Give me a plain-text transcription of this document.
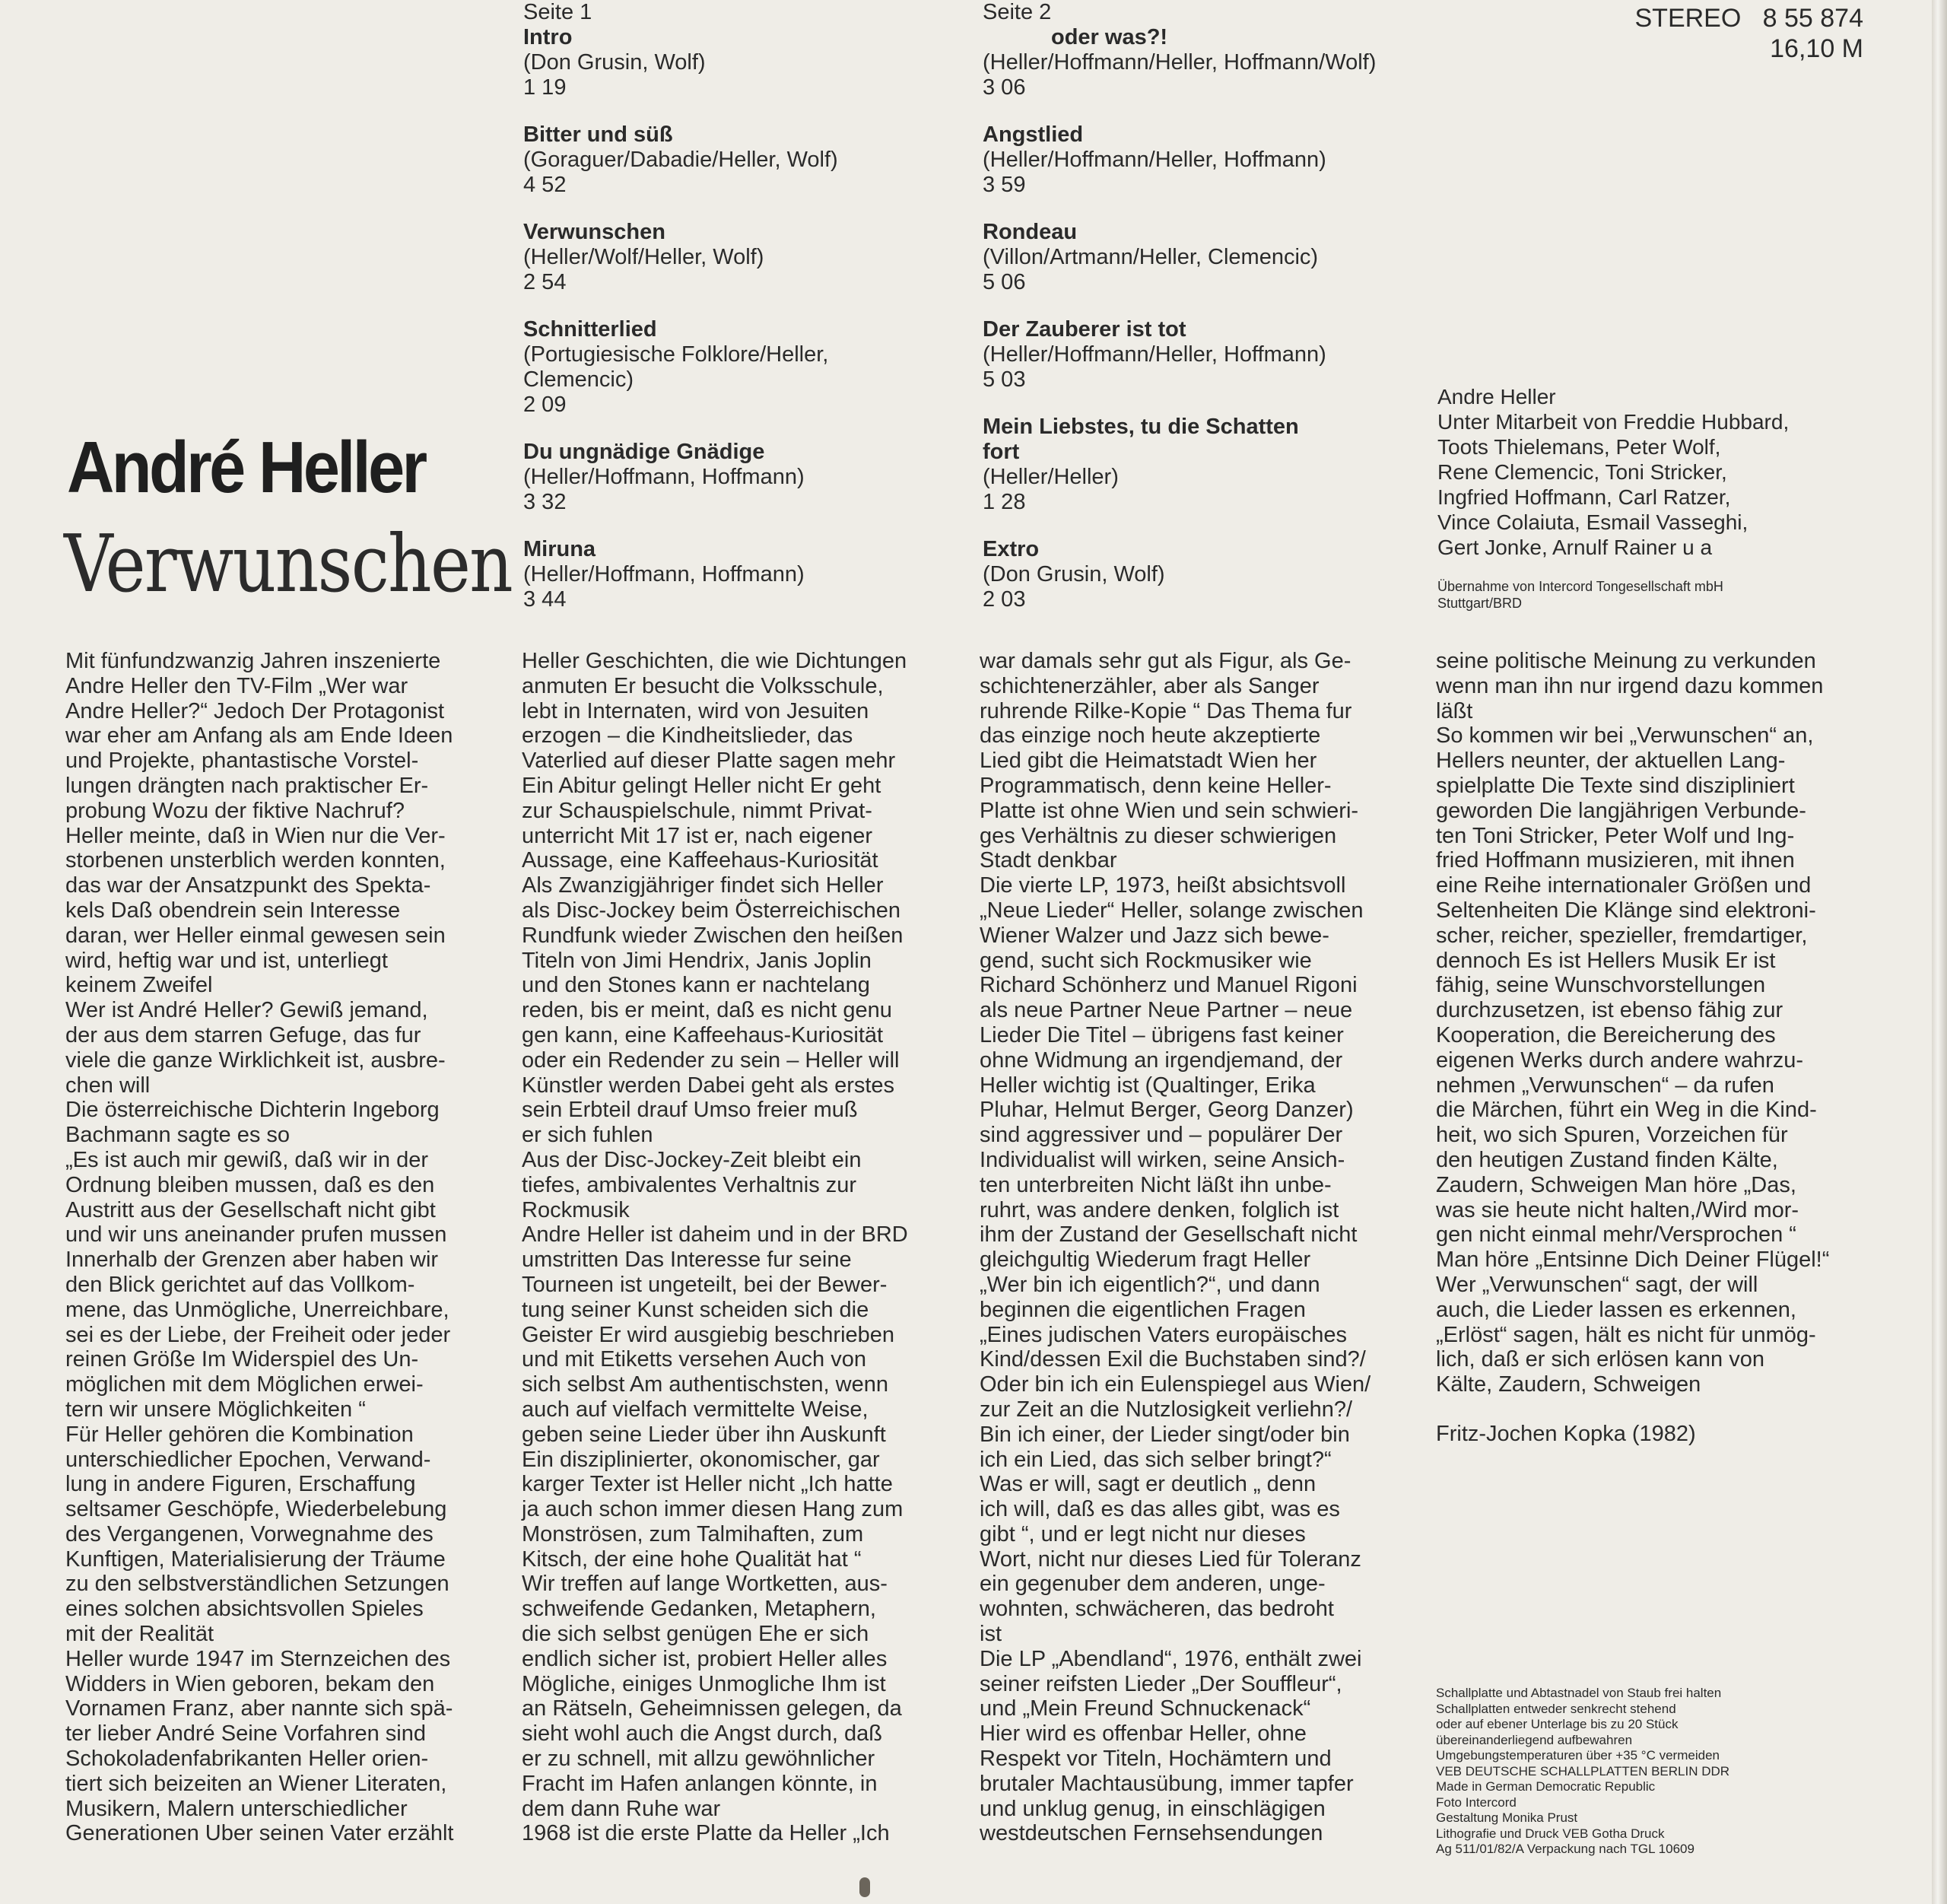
STEREO   8 55 874
16,10 M
Seite 1
Intro
(Don Grusin, Wolf)
1 19
Bitter und süß
(Goraguer/Dabadie/Heller, Wolf)
4 52
Verwunschen
(Heller/Wolf/Heller, Wolf)
2 54
Schnitterlied
(Portugiesische Folklore/Heller,
Clemencic)
2 09
Du ungnädige Gnädige
(Heller/Hoffmann, Hoffmann)
3 32
Miruna
(Heller/Hoffmann, Hoffmann)
3 44
Seite 2
oder was?!
(Heller/Hoffmann/Heller, Hoffmann/Wolf)
3 06
Angstlied
(Heller/Hoffmann/Heller, Hoffmann)
3 59
Rondeau
(Villon/Artmann/Heller, Clemencic)
5 06
Der Zauberer ist tot
(Heller/Hoffmann/Heller, Hoffmann)
5 03
Mein Liebstes, tu die Schatten
fort
(Heller/Heller)
1 28
Extro
(Don Grusin, Wolf)
2 03
André Heller
Verwunschen
Andre Heller
Unter Mitarbeit von Freddie Hubbard,
Toots Thielemans, Peter Wolf,
Rene Clemencic, Toni Stricker,
Ingfried Hoffmann, Carl Ratzer,
Vince Colaiuta, Esmail Vasseghi,
Gert Jonke, Arnulf Rainer u a
Übernahme von Intercord Tongesellschaft mbH
Stuttgart/BRD

Mit fünfundzwanzig Jahren inszenierte
Andre Heller den TV-Film „Wer war
Andre Heller?“ Jedoch Der Protagonist
war eher am Anfang als am Ende Ideen
und Projekte, phantastische Vorstel-
lungen drängten nach praktischer Er-
probung Wozu der fiktive Nachruf?
Heller meinte, daß in Wien nur die Ver-
storbenen unsterblich werden konnten,
das war der Ansatzpunkt des Spekta-
kels Daß obendrein sein Interesse
daran, wer Heller einmal gewesen sein
wird, heftig war und ist, unterliegt
keinem Zweifel
Wer ist André Heller? Gewiß jemand,
der aus dem starren Gefuge, das fur
viele die ganze Wirklichkeit ist, ausbre-
chen will
Die österreichische Dichterin Ingeborg
Bachmann sagte es so
„Es ist auch mir gewiß, daß wir in der
Ordnung bleiben mussen, daß es den
Austritt aus der Gesellschaft nicht gibt
und wir uns aneinander prufen mussen
Innerhalb der Grenzen aber haben wir
den Blick gerichtet auf das Vollkom-
mene, das Unmögliche, Unerreichbare,
sei es der Liebe, der Freiheit oder jeder
reinen Größe Im Widerspiel des Un-
möglichen mit dem Möglichen erwei-
tern wir unsere Möglichkeiten “
Für Heller gehören die Kombination
unterschiedlicher Epochen, Verwand-
lung in andere Figuren, Erschaffung
seltsamer Geschöpfe, Wiederbelebung
des Vergangenen, Vorwegnahme des
Kunftigen, Materialisierung der Träume
zu den selbstverständlichen Setzungen
eines solchen absichtsvollen Spieles
mit der Realität
Heller wurde 1947 im Sternzeichen des
Widders in Wien geboren, bekam den
Vornamen Franz, aber nannte sich spä-
ter lieber André Seine Vorfahren sind
Schokoladenfabrikanten Heller orien-
tiert sich beizeiten an Wiener Literaten,
Musikern, Malern unterschiedlicher
Generationen Uber seinen Vater erzählt

Heller Geschichten, die wie Dichtungen
anmuten Er besucht die Volksschule,
lebt in Internaten, wird von Jesuiten
erzogen – die Kindheitslieder, das
Vaterlied auf dieser Platte sagen mehr
Ein Abitur gelingt Heller nicht Er geht
zur Schauspielschule, nimmt Privat-
unterricht Mit 17 ist er, nach eigener
Aussage, eine Kaffeehaus-Kuriosität
Als Zwanzigjähriger findet sich Heller
als Disc-Jockey beim Österreichischen
Rundfunk wieder Zwischen den heißen
Titeln von Jimi Hendrix, Janis Joplin
und den Stones kann er nachtelang
reden, bis er meint, daß es nicht genu
gen kann, eine Kaffeehaus-Kuriosität
oder ein Redender zu sein – Heller will
Künstler werden Dabei geht als erstes
sein Erbteil drauf Umso freier muß
er sich fuhlen
Aus der Disc-Jockey-Zeit bleibt ein
tiefes, ambivalentes Verhaltnis zur
Rockmusik
Andre Heller ist daheim und in der BRD
umstritten Das Interesse fur seine
Tourneen ist ungeteilt, bei der Bewer-
tung seiner Kunst scheiden sich die
Geister Er wird ausgiebig beschrieben
und mit Etiketts versehen Auch von
sich selbst Am authentischsten, wenn
auch auf vielfach vermittelte Weise,
geben seine Lieder über ihn Auskunft
Ein disziplinierter, okonomischer, gar
karger Texter ist Heller nicht „Ich hatte
ja auch schon immer diesen Hang zum
Monströsen, zum Talmihaften, zum
Kitsch, der eine hohe Qualität hat “
Wir treffen auf lange Wortketten, aus-
schweifende Gedanken, Metaphern,
die sich selbst genügen Ehe er sich
endlich sicher ist, probiert Heller alles
Mögliche, einiges Unmogliche Ihm ist
an Rätseln, Geheimnissen gelegen, da
sieht wohl auch die Angst durch, daß
er zu schnell, mit allzu gewöhnlicher
Fracht im Hafen anlangen könnte, in
dem dann Ruhe war
1968 ist die erste Platte da Heller „Ich

war damals sehr gut als Figur, als Ge-
schichtenerzähler, aber als Sanger
ruhrende Rilke-Kopie “ Das Thema fur
das einzige noch heute akzeptierte
Lied gibt die Heimatstadt Wien her
Programmatisch, denn keine Heller-
Platte ist ohne Wien und sein schwieri-
ges Verhältnis zu dieser schwierigen
Stadt denkbar
Die vierte LP, 1973, heißt absichtsvoll
„Neue Lieder“ Heller, solange zwischen
Wiener Walzer und Jazz sich bewe-
gend, sucht sich Rockmusiker wie
Richard Schönherz und Manuel Rigoni
als neue Partner Neue Partner – neue
Lieder Die Titel – übrigens fast keiner
ohne Widmung an irgendjemand, der
Heller wichtig ist (Qualtinger, Erika
Pluhar, Helmut Berger, Georg Danzer)
sind aggressiver und – populärer Der
Individualist will wirken, seine Ansich-
ten unterbreiten Nicht läßt ihn unbe-
ruhrt, was andere denken, folglich ist
ihm der Zustand der Gesellschaft nicht
gleichgultig Wiederum fragt Heller
„Wer bin ich eigentlich?“, und dann
beginnen die eigentlichen Fragen
„Eines judischen Vaters europäisches
Kind/dessen Exil die Buchstaben sind?/
Oder bin ich ein Eulenspiegel aus Wien/
zur Zeit an die Nutzlosigkeit verliehn?/
Bin ich einer, der Lieder singt/oder bin
ich ein Lied, das sich selber bringt?“
Was er will, sagt er deutlich „ denn
ich will, daß es das alles gibt, was es
gibt “, und er legt nicht nur dieses
Wort, nicht nur dieses Lied für Toleranz
ein gegenuber dem anderen, unge-
wohnten, schwächeren, das bedroht
ist
Die LP „Abendland“, 1976, enthält zwei
seiner reifsten Lieder „Der Souffleur“,
und „Mein Freund Schnuckenack“
Hier wird es offenbar Heller, ohne
Respekt vor Titeln, Hochämtern und
brutaler Machtausübung, immer tapfer
und unklug genug, in einschlägigen
westdeutschen Fernsehsendungen

seine politische Meinung zu verkunden
wenn man ihn nur irgend dazu kommen
läßt
So kommen wir bei „Verwunschen“ an,
Hellers neunter, der aktuellen Lang-
spielplatte Die Texte sind diszipliniert
geworden Die langjährigen Verbunde-
ten Toni Stricker, Peter Wolf und Ing-
fried Hoffmann musizieren, mit ihnen
eine Reihe internationaler Größen und
Seltenheiten Die Klänge sind elektroni-
scher, reicher, spezieller, fremdartiger,
dennoch Es ist Hellers Musik Er ist
fähig, seine Wunschvorstellungen
durchzusetzen, ist ebenso fähig zur
Kooperation, die Bereicherung des
eigenen Werks durch andere wahrzu-
nehmen „Verwunschen“ – da rufen
die Märchen, führt ein Weg in die Kind-
heit, wo sich Spuren, Vorzeichen für
den heutigen Zustand finden Kälte,
Zaudern, Schweigen Man höre „Das,
was sie heute nicht halten,/Wird mor-
gen nicht einmal mehr/Versprochen “
Man höre „Entsinne Dich Deiner Flügel!“
Wer „Verwunschen“ sagt, der will
auch, die Lieder lassen es erkennen,
„Erlöst“ sagen, hält es nicht für unmög-
lich, daß er sich erlösen kann von
Kälte, Zaudern, Schweigen

Fritz-Jochen Kopka (1982)

Schallplatte und Abtastnadel von Staub frei halten
Schallplatten entweder senkrecht stehend
oder auf ebener Unterlage bis zu 20 Stück
übereinanderliegend aufbewahren
Umgebungstemperaturen über +35 °C vermeiden
VEB DEUTSCHE SCHALLPLATTEN BERLIN DDR
Made in German Democratic Republic
Foto Intercord
Gestaltung Monika Prust
Lithografie und Druck VEB Gotha Druck
Ag 511/01/82/A Verpackung nach TGL 10609
